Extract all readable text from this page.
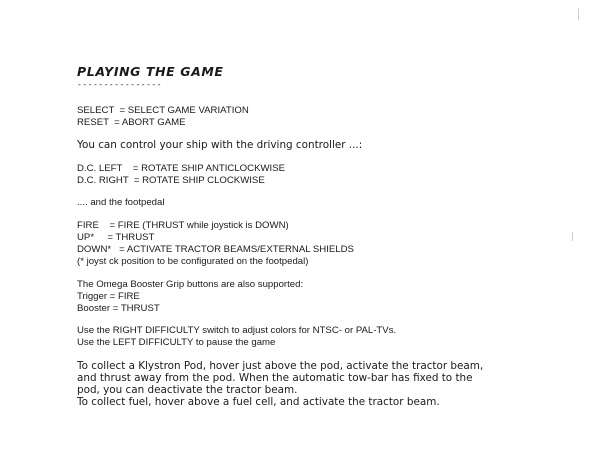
PLAYING THE GAME
----------------
SELECT  = SELECT GAME VARIATION
RESET  = ABORT GAME
You can control your ship with the driving controller ...:
D.C. LEFT    = ROTATE SHIP ANTICLOCKWISE
D.C. RIGHT  = ROTATE SHIP CLOCKWISE
.... and the footpedal
FIRE    = FIRE (THRUST while joystick is DOWN)
UP*     = THRUST
DOWN*   = ACTIVATE TRACTOR BEAMS/EXTERNAL SHIELDS
(* joyst ck position to be configurated on the footpedal)
The Omega Booster Grip buttons are also supported:
Trigger = FIRE
Booster = THRUST
Use the RIGHT DIFFICULTY switch to adjust colors for NTSC- or PAL-TVs.
Use the LEFT DIFFICULTY to pause the game
To collect a Klystron Pod, hover just above the pod, activate the tractor beam,
and thrust away from the pod. When the automatic tow-bar has fixed to the
pod, you can deactivate the tractor beam.
To collect fuel, hover above a fuel cell, and activate the tractor beam.
